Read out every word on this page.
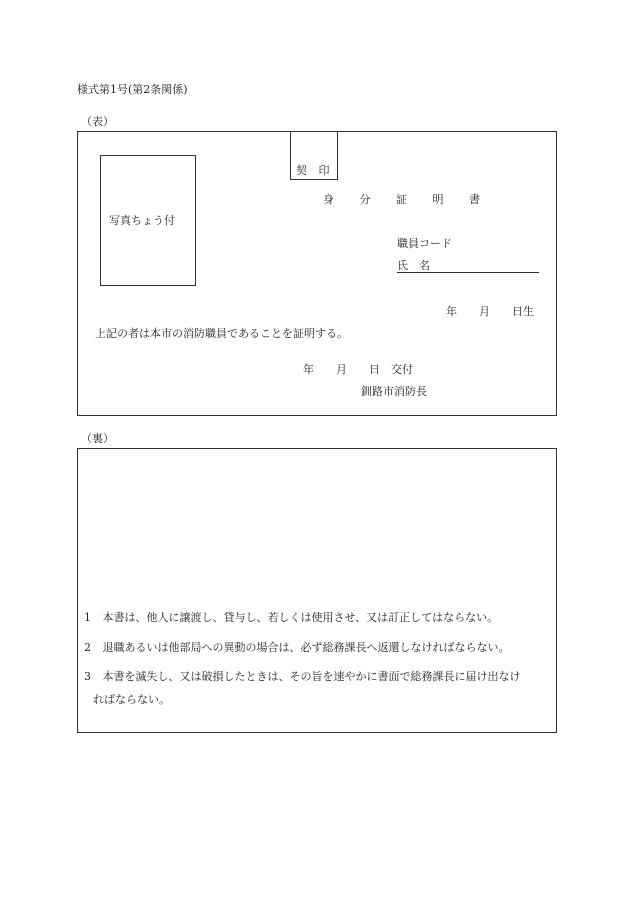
様式第1号(第2条関係)
（表）
写真ちょう付
契 印
身 分 証 明 書
職員コード
氏　名
年　　月　　日生
上記の者は本市の消防職員であることを証明する。
年　　月　　日　交付
釧路市消防長
（裏）
1 本書は、他人に譲渡し、貸与し、若しくは使用させ、又は訂正してはならない。
2 退職あるいは他部局への異動の場合は、必ず総務課長へ返還しなければならない。
3 本書を滅失し、又は破損したときは、その旨を速やかに書面で総務課長に届け出なけ
ればならない。
